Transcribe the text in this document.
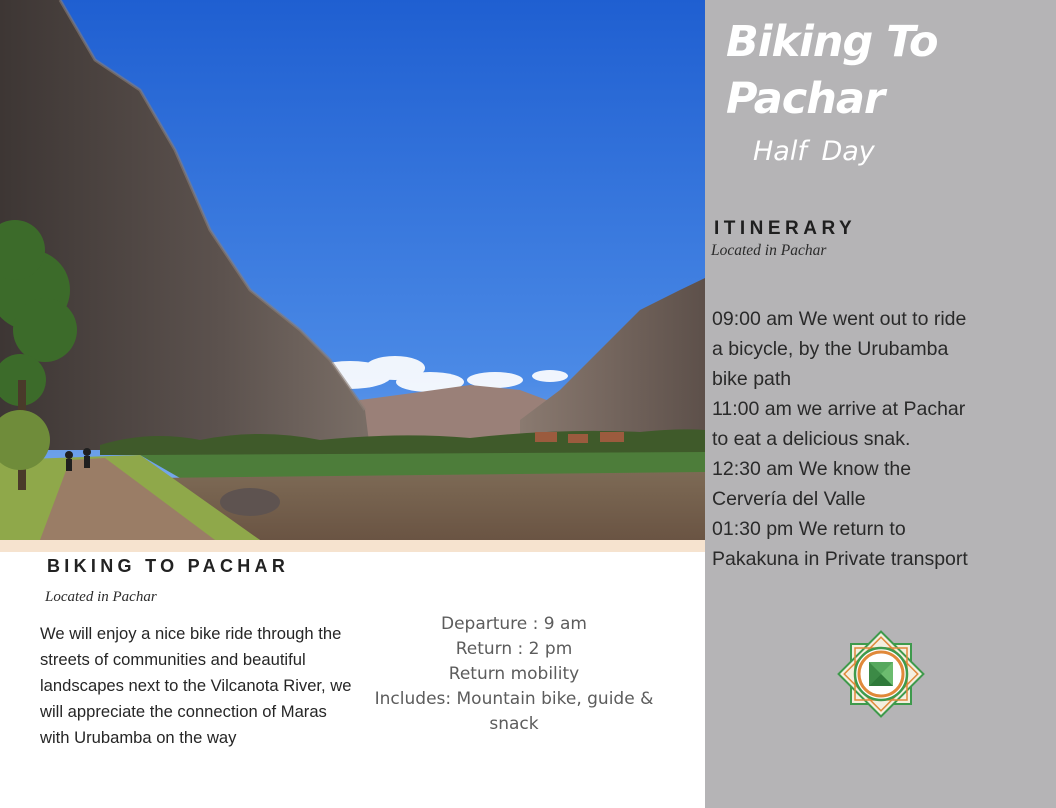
BIKING TO PACHAR
Located in Pachar

We will enjoy a nice bike ride through the streets of communities and beautiful landscapes next to the Vilcanota River, we will appreciate the connection of Maras with Urubamba on the way

Departure : 9 am
Return : 2 pm
Return mobility
Includes: Mountain bike, guide & snack
Biking To Pachar
Half Day
ITINERARY
Located in Pachar
09:00 am We went out to ride a bicycle, by the Urubamba bike path
11:00 am we arrive at Pachar to eat a delicious snak.
12:30 am We know the Cervería del Valle
01:30 pm We return to Pakakuna in Private transport
